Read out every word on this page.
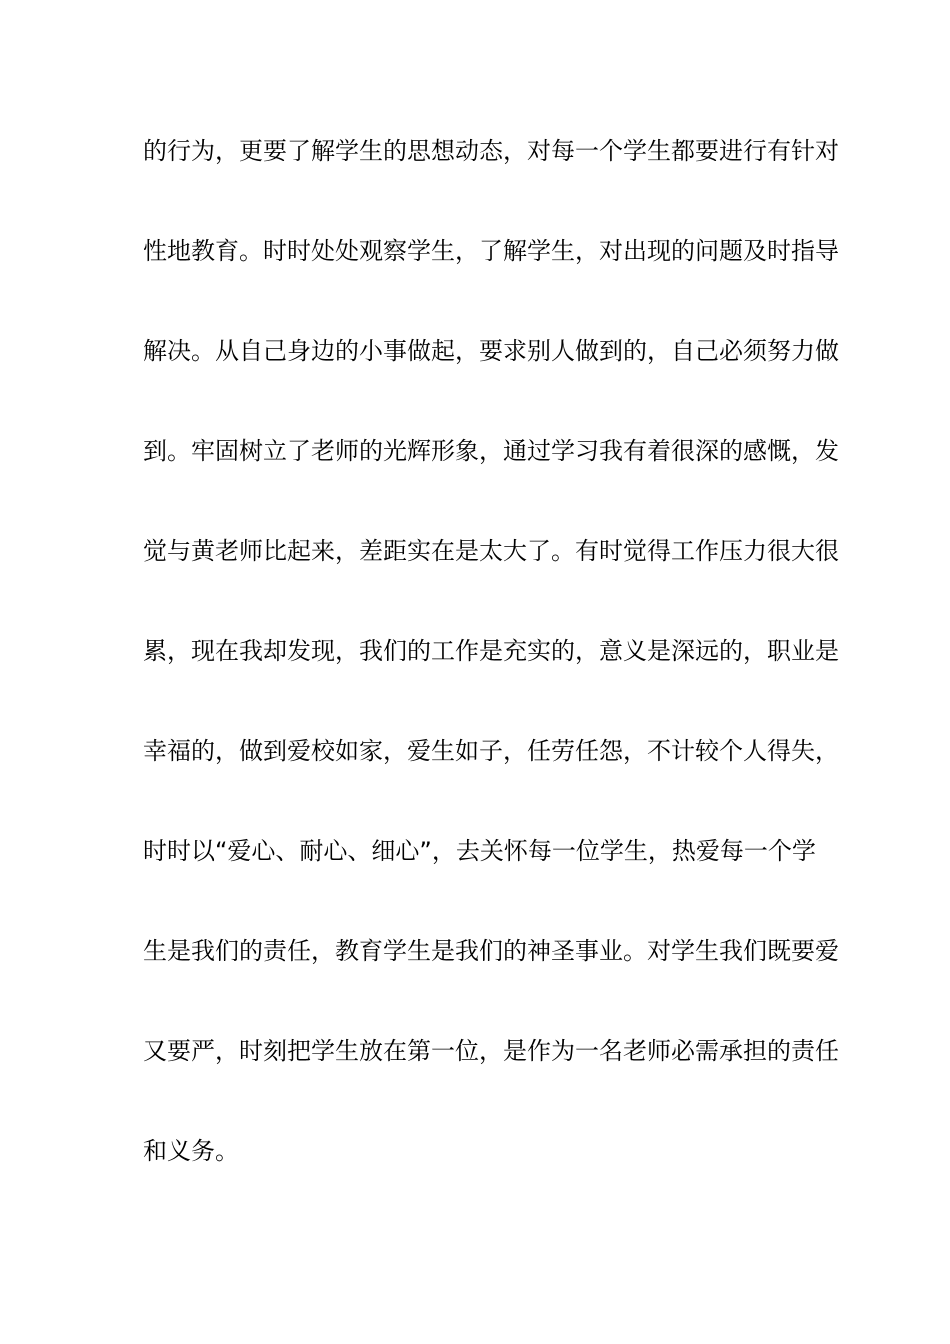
的行为，更要了解学生的思想动态，对每一个学生都要进行有针对
性地教育。时时处处观察学生，了解学生，对出现的问题及时指导
解决。从自己身边的小事做起，要求别人做到的，自己必须努力做
到。牢固树立了老师的光辉形象，通过学习我有着很深的感慨，发
觉与黄老师比起来，差距实在是太大了。有时觉得工作压力很大很
累，现在我却发现，我们的工作是充实的，意义是深远的，职业是
幸福的，做到爱校如家，爱生如子，任劳任怨，不计较个人得失，
时时以“爱心、耐心、细心”，去关怀每一位学生，热爱每一个学
生是我们的责任，教育学生是我们的神圣事业。对学生我们既要爱
又要严，时刻把学生放在第一位，是作为一名老师必需承担的责任
和义务。
